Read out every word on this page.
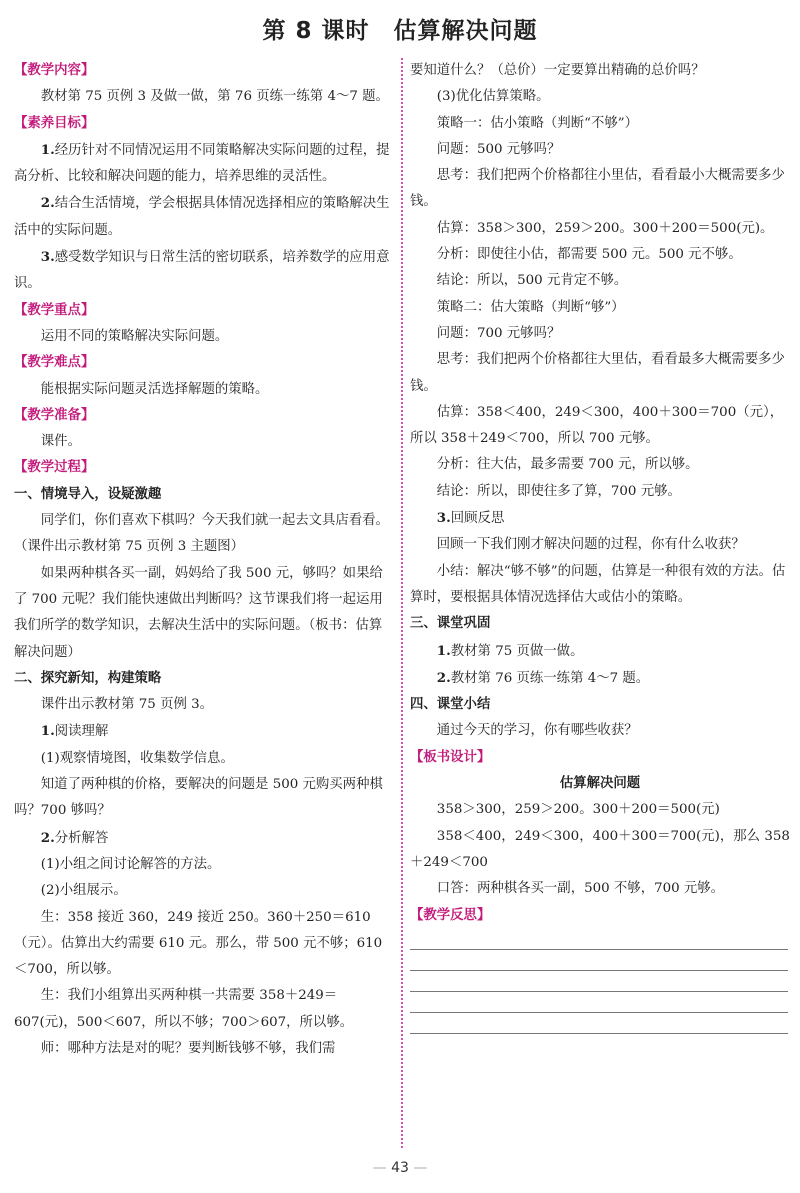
第 8 课时　估算解决问题
【教学内容】

教材第 75 页例 3 及做一做，第 76 页练一练第 4～7 题。

【素养目标】

1.经历针对不同情况运用不同策略解决实际问题的过程，提高分析、比较和解决问题的能力，培养思维的灵活性。

2.结合生活情境，学会根据具体情况选择相应的策略解决生活中的实际问题。

3.感受数学知识与日常生活的密切联系，培养数学的应用意识。

【教学重点】

运用不同的策略解决实际问题。

【教学难点】

能根据实际问题灵活选择解题的策略。

【教学准备】

课件。

【教学过程】
一、情境导入，设疑激趣

同学们，你们喜欢下棋吗？今天我们就一起去文具店看看。（课件出示教材第 75 页例 3 主题图）

如果两种棋各买一副，妈妈给了我 500 元，够吗？如果给了 700 元呢？我们能快速做出判断吗？这节课我们将一起运用我们所学的数学知识，去解决生活中的实际问题。（板书：估算解决问题）

二、探究新知，构建策略

课件出示教材第 75 页例 3。

1.阅读理解

(1)观察情境图，收集数学信息。

知道了两种棋的价格，要解决的问题是 500 元购买两种棋吗？700 够吗？

2.分析解答

(1)小组之间讨论解答的方法。

(2)小组展示。

生：358 接近 360，249 接近 250。360＋250＝610（元）。估算出大约需要 610 元。那么，带 500 元不够；610＜700，所以够。

生：我们小组算出买两种棋一共需要 358＋249＝607(元)，500＜607，所以不够；700＞607，所以够。

师：哪种方法是对的呢？要判断钱够不够，我们需

要知道什么？（总价）一定要算出精确的总价吗？

(3)优化估算策略。

策略一：估小策略（判断“不够”）

问题：500 元够吗？

思考：我们把两个价格都往小里估，看看最小大概需要多少钱。

估算：358＞300，259＞200。300＋200＝500(元)。

分析：即使往小估，都需要 500 元。500 元不够。

结论：所以，500 元肯定不够。

策略二：估大策略（判断“够”）

问题：700 元够吗？

思考：我们把两个价格都往大里估，看看最多大概需要多少钱。

估算：358＜400，249＜300，400＋300＝700（元），所以 358＋249＜700，所以 700 元够。

分析：往大估，最多需要 700 元，所以够。

结论：所以，即使往多了算，700 元够。

3.回顾反思

回顾一下我们刚才解决问题的过程，你有什么收获？

小结：解决“够不够”的问题，估算是一种很有效的方法。估算时，要根据具体情况选择估大或估小的策略。

三、课堂巩固

1.教材第 75 页做一做。

2.教材第 76 页练一练第 4～7 题。

四、课堂小结

通过今天的学习，你有哪些收获？

【板书设计】
估算解决问题

358＞300，259＞200。300＋200＝500(元)

358＜400，249＜300，400＋300＝700(元)，那么 358＋249＜700

口答：两种棋各买一副，500 不够，700 元够。

【教学反思】
— 43 —
